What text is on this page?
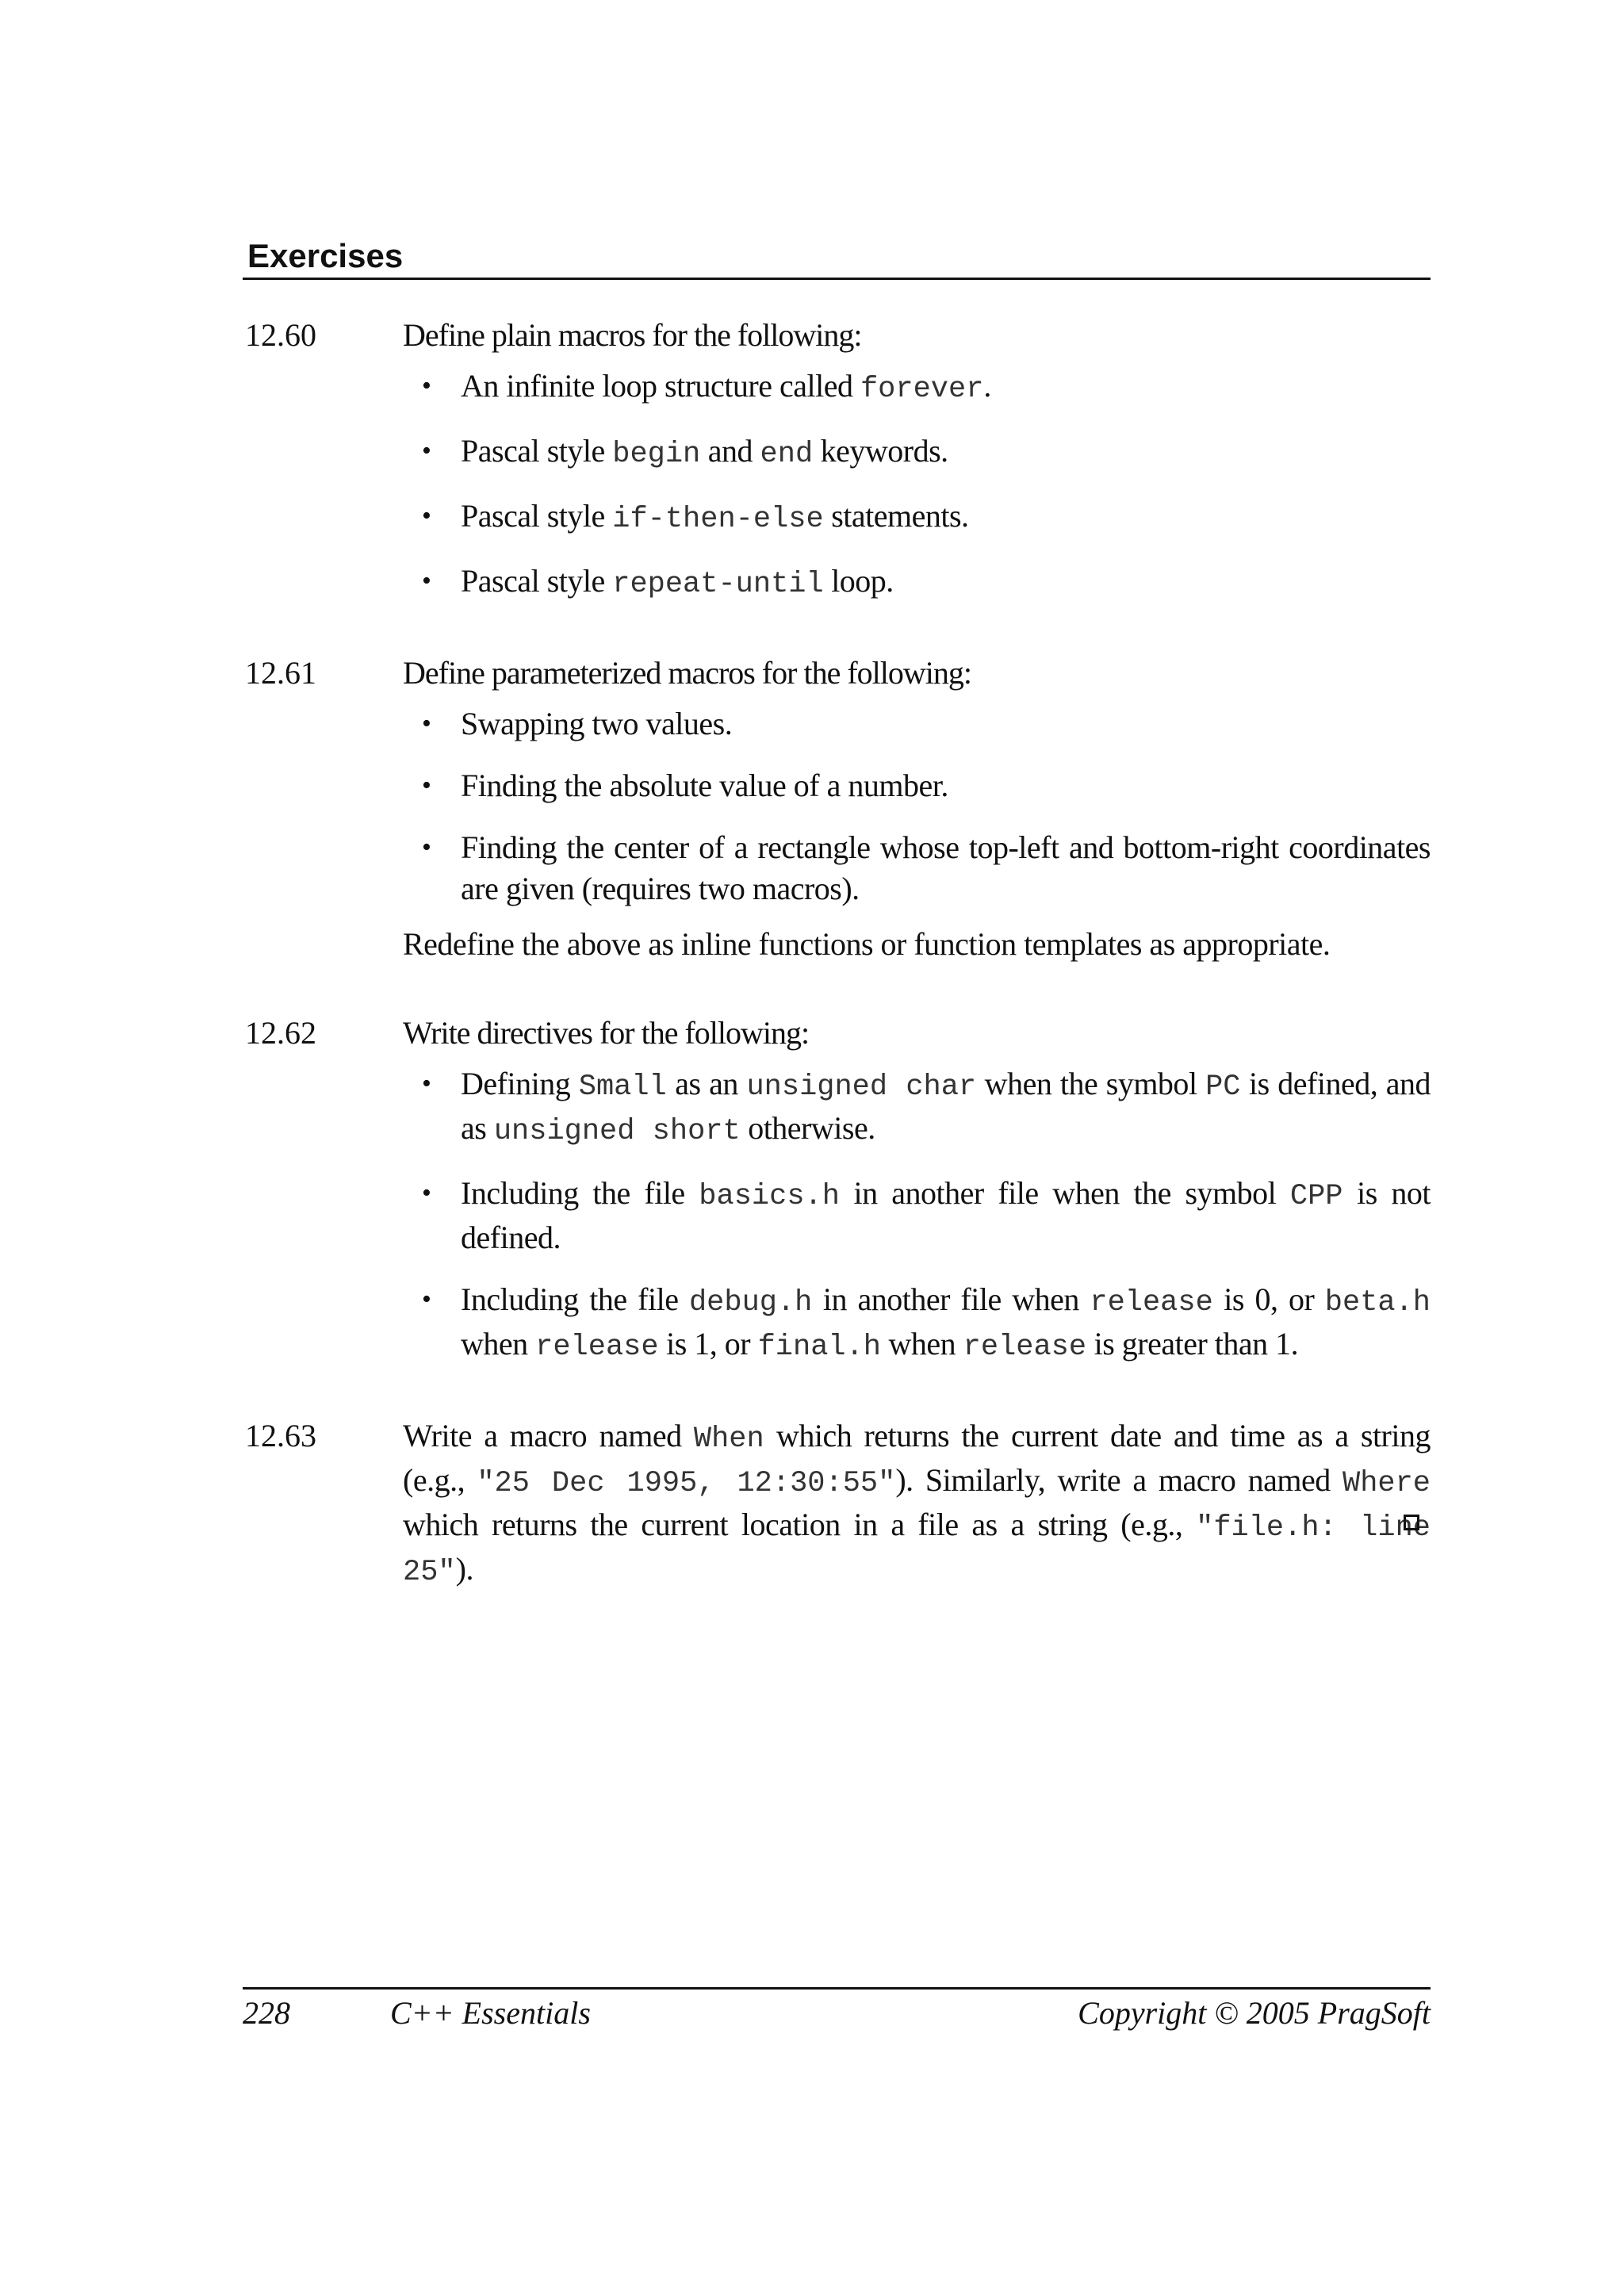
Exercises
12.60	Define plain macros for the following:
• An infinite loop structure called forever.
• Pascal style begin and end keywords.
• Pascal style if-then-else statements.
• Pascal style repeat-until loop.
12.61	Define parameterized macros for the following:
• Swapping two values.
• Finding the absolute value of a number.
• Finding the center of a rectangle whose top-left and bottom-right coordinates are given (requires two macros).
Redefine the above as inline functions or function templates as appropriate.
12.62	Write directives for the following:
• Defining Small as an unsigned char when the symbol PC is defined, and as unsigned short otherwise.
• Including the file basics.h in another file when the symbol CPP is not defined.
• Including the file debug.h in another file when release is 0, or beta.h when release is 1, or final.h when release is greater than 1.
12.63	Write a macro named When which returns the current date and time as a string (e.g., "25 Dec 1995, 12:30:55"). Similarly, write a macro named Where which returns the current location in a file as a string (e.g., "file.h: line 25").
228	C++ Essentials	Copyright © 2005 PragSoft
